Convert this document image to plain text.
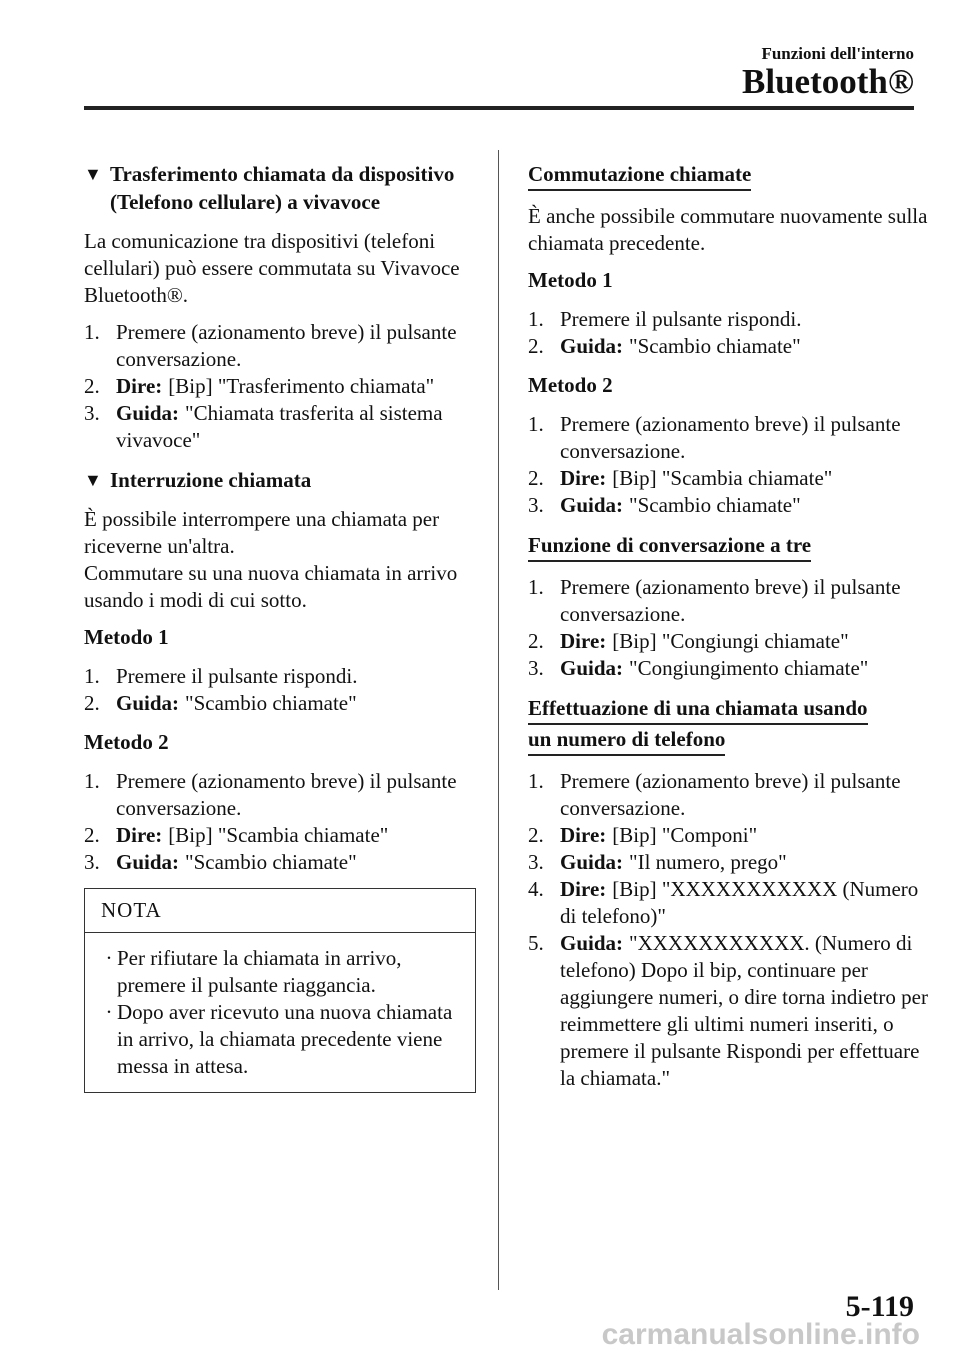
Funzioni dell'interno
Bluetooth®
▼ Trasferimento chiamata da dispositivo (Telefono cellulare) a vivavoce

La comunicazione tra dispositivi (telefoni cellulari) può essere commutata su Vivavoce Bluetooth®.

1. Premere (azionamento breve) il pulsante conversazione.
2. Dire: [Bip] "Trasferimento chiamata"
3. Guida: "Chiamata trasferita al sistema vivavoce"
▼ Interruzione chiamata

È possibile interrompere una chiamata per riceverne un'altra.

Commutare su una nuova chiamata in arrivo usando i modi di cui sotto.

Metodo 1
1. Premere il pulsante rispondi.
2. Guida: "Scambio chiamate"
Metodo 2
1. Premere (azionamento breve) il pulsante conversazione.
2. Dire: [Bip] "Scambia chiamate"
3. Guida: "Scambio chiamate"
NOTA
· Per rifiutare la chiamata in arrivo, premere il pulsante riaggancia.
· Dopo aver ricevuto una nuova chiamata in arrivo, la chiamata precedente viene messa in attesa.
Commutazione chiamate

È anche possibile commutare nuovamente sulla chiamata precedente.

Metodo 1
1. Premere il pulsante rispondi.
2. Guida: "Scambio chiamate"
Metodo 2
1. Premere (azionamento breve) il pulsante conversazione.
2. Dire: [Bip] "Scambia chiamate"
3. Guida: "Scambio chiamate"
Funzione di conversazione a tre
1. Premere (azionamento breve) il pulsante conversazione.
2. Dire: [Bip] "Congiungi chiamate"
3. Guida: "Congiungimento chiamate"
Effettuazione di una chiamata usando
un numero di telefono
1. Premere (azionamento breve) il pulsante conversazione.
2. Dire: [Bip] "Componi"
3. Guida: "Il numero, prego"
4. Dire: [Bip] "XXXXXXXXXXX (Numero di telefono)"
5. Guida: "XXXXXXXXXXX. (Numero di telefono) Dopo il bip, continuare per aggiungere numeri, o dire torna indietro per reimmettere gli ultimi numeri inseriti, o premere il pulsante Rispondi per effettuare la chiamata."
5-119
carmanualsonline.info
